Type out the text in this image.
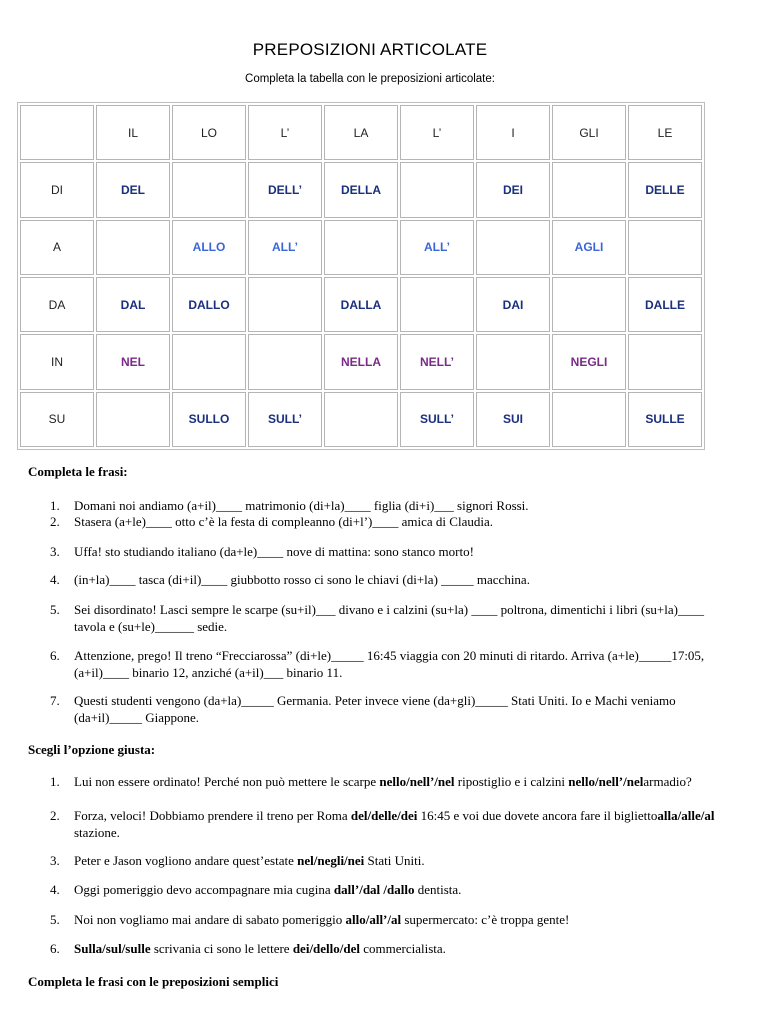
PREPOSIZIONI ARTICOLATE
Completa la tabella con le preposizioni articolate:
	IL	LO	L’	LA	L’	I	GLI	LE
DI	DEL		DELL’	DELLA		DEI		DELLE
A		ALLO	ALL’		ALL’		AGLI	
DA	DAL	DALLO		DALLA		DAI		DALLE
IN	NEL			NELLA	NELL’		NEGLI	
SU		SULLO	SULL’		SULL’	SUI		SULLE
Completa le frasi:
1.	Domani noi andiamo (a+il)____ matrimonio (di+la)____ figlia (di+i)___ signori Rossi.
2.	Stasera (a+le)____ otto c’è la festa di compleanno (di+l’)____ amica di Claudia.
3.	Uffa! sto studiando italiano (da+le)____ nove di mattina: sono stanco morto!
4.	(in+la)____ tasca (di+il)____ giubbotto rosso ci sono le chiavi (di+la) _____ macchina.
5.	Sei disordinato! Lasci sempre le scarpe (su+il)___ divano e i calzini (su+la) ____ poltrona, dimentichi i libri (su+la)____ tavola e (su+le)______ sedie.
6.	Attenzione, prego! Il treno “Frecciarossa” (di+le)_____ 16:45 viaggia con 20 minuti di ritardo. Arriva (a+le)_____17:05, (a+il)____ binario 12, anziché (a+il)___ binario 11.
7.	Questi studenti vengono (da+la)_____ Germania. Peter invece viene (da+gli)_____ Stati Uniti. Io e Machi veniamo (da+il)_____ Giappone.
Scegli l’opzione giusta:
1.	Lui non essere ordinato! Perché non può mettere le scarpe nello/nell’/nel ripostiglio e i calzini nello/nell’/nelarmadio?
2.	Forza, veloci! Dobbiamo prendere il treno per Roma del/delle/dei 16:45 e voi due dovete ancora fare il bigliettoalla/alle/al stazione.
3.	Peter e Jason vogliono andare quest’estate nel/negli/nei Stati Uniti.
4.	Oggi pomeriggio devo accompagnare mia cugina dall’/dal /dallo dentista.
5.	Noi non vogliamo mai andare di sabato pomeriggio allo/all’/al supermercato: c’è troppa gente!
6.	Sulla/sul/sulle scrivania ci sono le lettere dei/dello/del commercialista.
Completa le frasi con le preposizioni semplici
